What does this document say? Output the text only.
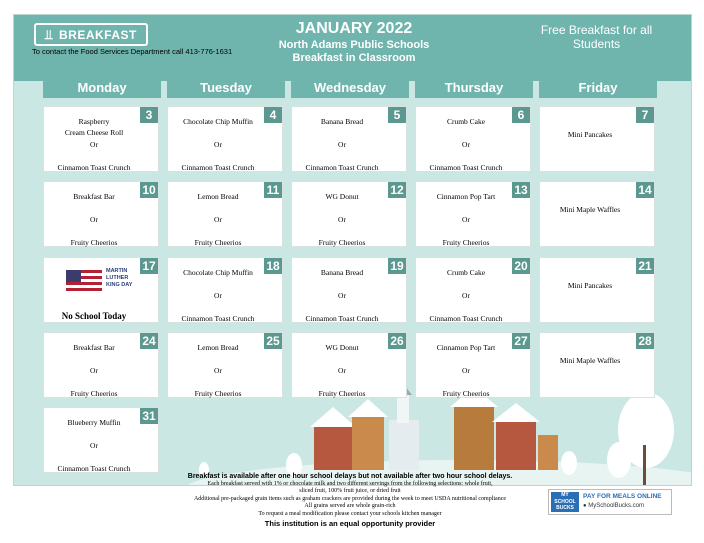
⫫ BREAKFAST
To contact the Food Services Department call 413-776-1631
JANUARY 2022
North Adams Public Schools
Breakfast in Classroom
Free Breakfast for all Students
Monday	Tuesday	Wednesday	Thursday	Friday
3
Raspberry
Cream Cheese Roll
Or
Cinnamon Toast Crunch
4
Chocolate Chip Muffin
Or
Cinnamon Toast Crunch
5
Banana Bread
Or
Cinnamon Toast Crunch
6
Crumb Cake
Or
Cinnamon Toast Crunch
7
Mini Pancakes
10
Breakfast Bar
Or
Fruity Cheerios
11
Lemon Bread
Or
Fruity Cheerios
12
WG Donut
Or
Fruity Cheerios
13
Cinnamon Pop Tart
Or
Fruity Cheerios
14
Mini Maple Waffles
17
MARTIN LUTHER KING DAY
No School Today
18
Chocolate Chip Muffin
Or
Cinnamon Toast Crunch
19
Banana Bread
Or
Cinnamon Toast Crunch
20
Crumb Cake
Or
Cinnamon Toast Crunch
21
Mini Pancakes
24
Breakfast Bar
Or
Fruity Cheerios
25
Lemon Bread
Or
Fruity Cheerios
26
WG Donut
Or
Fruity Cheerios
27
Cinnamon Pop Tart
Or
Fruity Cheerios
28
Mini Maple Waffles
31
Blueberry Muffin
Or
Cinnamon Toast Crunch
Breakfast is available after one hour school delays but not available after two hour school delays.
Each breakfast served with 1% or chocolate milk and two different servings from the following selections: whole fruit,
sliced fruit, 100% fruit juice, or dried fruit
Additional pre-packaged grain items such as graham crackers are provided during the week to meet USDA nutritional compliance
All grains served are whole grain-rich
To request a meal modification please contact your schools kitchen manager
This institution is an equal opportunity provider
MY SCHOOL BUCKS
PAY FOR MEALS ONLINE
● MySchoolBucks.com
